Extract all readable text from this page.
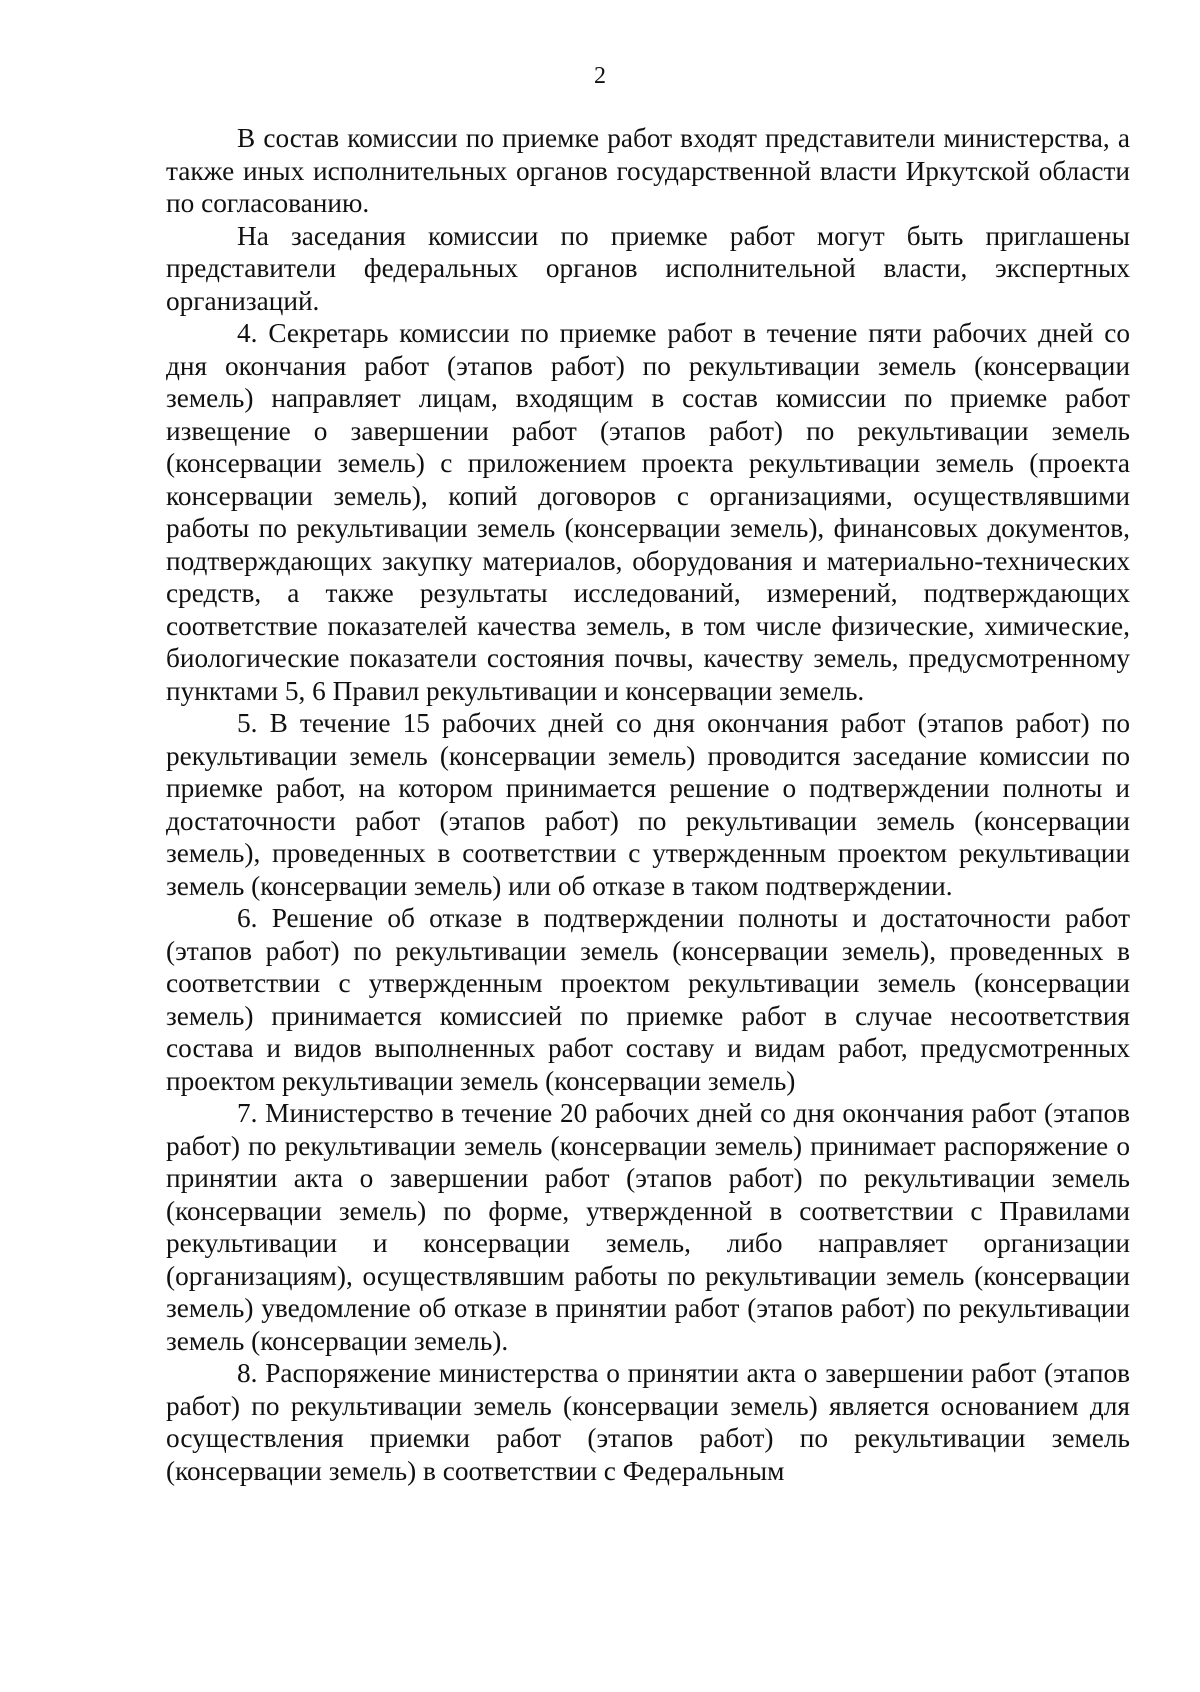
2

В состав комиссии по приемке работ входят представители министерства, а также иных исполнительных органов государственной власти Иркутской области по согласованию.

На заседания комиссии по приемке работ могут быть приглашены представители федеральных органов исполнительной власти, экспертных организаций.

4. Секретарь комиссии по приемке работ в течение пяти рабочих дней со дня окончания работ (этапов работ) по рекультивации земель (консервации земель) направляет лицам, входящим в состав комиссии по приемке работ извещение о завершении работ (этапов работ) по рекультивации земель (консервации земель) с приложением проекта рекультивации земель (проекта консервации земель), копий договоров с организациями, осуществлявшими работы по рекультивации земель (консервации земель), финансовых документов, подтверждающих закупку материалов, оборудования и материально-технических средств, а также результаты исследований, измерений, подтверждающих соответствие показателей качества земель, в том числе физические, химические, биологические показатели состояния почвы, качеству земель, предусмотренному пунктами 5, 6 Правил рекультивации и консервации земель.

5. В течение 15 рабочих дней со дня окончания работ (этапов работ) по рекультивации земель (консервации земель) проводится заседание комиссии по приемке работ, на котором принимается решение о подтверждении полноты и достаточности работ (этапов работ) по рекультивации земель (консервации земель), проведенных в соответствии с утвержденным проектом рекультивации земель (консервации земель) или об отказе в таком подтверждении.

6. Решение об отказе в подтверждении полноты и достаточности работ (этапов работ) по рекультивации земель (консервации земель), проведенных в соответствии с утвержденным проектом рекультивации земель (консервации земель) принимается комиссией по приемке работ в случае несоответствия состава и видов выполненных работ составу и видам работ, предусмотренных проектом рекультивации земель (консервации земель)

7. Министерство в течение 20 рабочих дней со дня окончания работ (этапов работ) по рекультивации земель (консервации земель) принимает распоряжение о принятии акта о завершении работ (этапов работ) по рекультивации земель (консервации земель) по форме, утвержденной в соответствии с Правилами рекультивации и консервации земель, либо направляет организации (организациям), осуществлявшим работы по рекультивации земель (консервации земель) уведомление об отказе в принятии работ (этапов работ) по рекультивации земель (консервации земель).

8. Распоряжение министерства о принятии акта о завершении работ (этапов работ) по рекультивации земель (консервации земель) является основанием для осуществления приемки работ (этапов работ) по рекультивации земель (консервации земель) в соответствии с Федеральным
